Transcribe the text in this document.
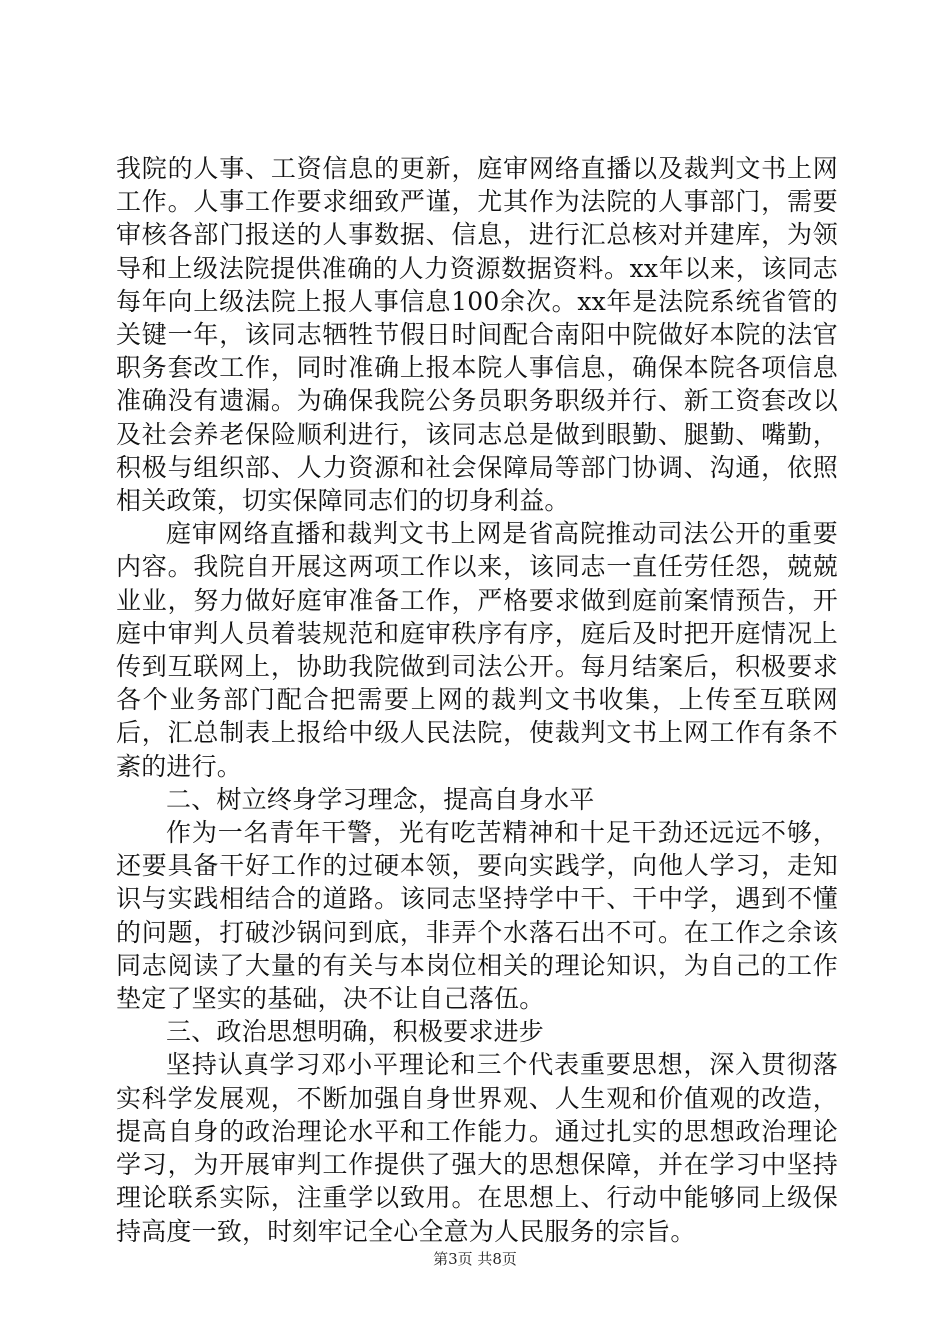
我院的人事、工资信息的更新，庭审网络直播以及裁判文书上网工作。人事工作要求细致严谨，尤其作为法院的人事部门，需要审核各部门报送的人事数据、信息，进行汇总核对并建库，为领导和上级法院提供准确的人力资源数据资料。xx年以来，该同志每年向上级法院上报人事信息100余次。xx年是法院系统省管的关键一年，该同志牺牲节假日时间配合南阳中院做好本院的法官职务套改工作，同时准确上报本院人事信息，确保本院各项信息准确没有遗漏。为确保我院公务员职务职级并行、新工资套改以及社会养老保险顺利进行，该同志总是做到眼勤、腿勤、嘴勤，积极与组织部、人力资源和社会保障局等部门协调、沟通，依照相关政策，切实保障同志们的切身利益。

庭审网络直播和裁判文书上网是省高院推动司法公开的重要内容。我院自开展这两项工作以来，该同志一直任劳任怨，兢兢业业，努力做好庭审准备工作，严格要求做到庭前案情预告，开庭中审判人员着装规范和庭审秩序有序，庭后及时把开庭情况上传到互联网上，协助我院做到司法公开。每月结案后，积极要求各个业务部门配合把需要上网的裁判文书收集，上传至互联网后，汇总制表上报给中级人民法院，使裁判文书上网工作有条不紊的进行。

二、树立终身学习理念，提高自身水平

作为一名青年干警，光有吃苦精神和十足干劲还远远不够，还要具备干好工作的过硬本领，要向实践学，向他人学习，走知识与实践相结合的道路。该同志坚持学中干、干中学，遇到不懂的问题，打破沙锅问到底，非弄个水落石出不可。在工作之余该同志阅读了大量的有关与本岗位相关的理论知识，为自己的工作垫定了坚实的基础，决不让自己落伍。

三、政治思想明确，积极要求进步

坚持认真学习邓小平理论和三个代表重要思想，深入贯彻落实科学发展观，不断加强自身世界观、人生观和价值观的改造，提高自身的政治理论水平和工作能力。通过扎实的思想政治理论学习，为开展审判工作提供了强大的思想保障，并在学习中坚持理论联系实际，注重学以致用。在思想上、行动中能够同上级保持高度一致，时刻牢记全心全意为人民服务的宗旨。

第3页 共8页
